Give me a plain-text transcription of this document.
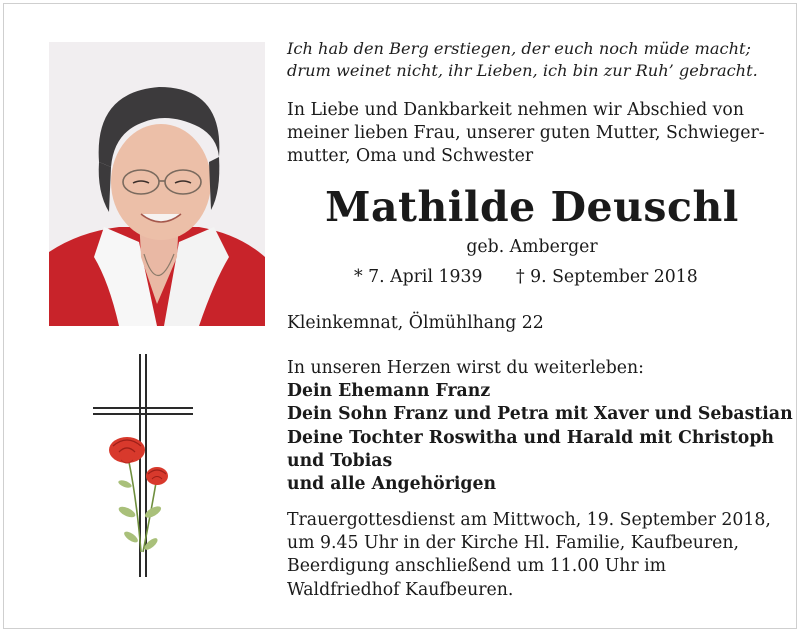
Ich hab den Berg erstiegen, der euch noch müde macht;
drum weinet nicht, ihr Lieben, ich bin zur Ruh’ gebracht.
In Liebe und Dankbarkeit nehmen wir Abschied von
meiner lieben Frau, unserer guten Mutter, Schwieger-
mutter, Oma und Schwester
Mathilde Deuschl
geb. Amberger
* 7. April 1939 † 9. September 2018
Kleinkemnat, Ölmühlhang 22
In unseren Herzen wirst du weiterleben:
Dein Ehemann Franz
Dein Sohn Franz und Petra mit Xaver und Sebastian
Deine Tochter Roswitha und Harald mit Christoph
und Tobias
und alle Angehörigen
Trauergottesdienst am Mittwoch, 19. September 2018,
um 9.45 Uhr in der Kirche Hl. Familie, Kaufbeuren,
Beerdigung anschließend um 11.00 Uhr im
Waldfriedhof Kaufbeuren.
